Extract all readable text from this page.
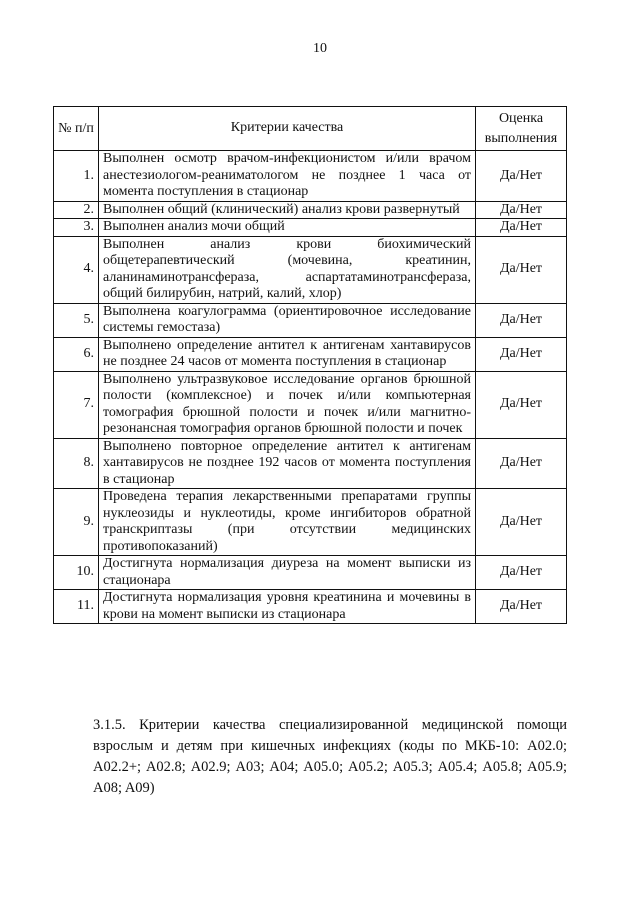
10
№ п/п	Критерии качества	Оценка выполнения
1.	Выполнен осмотр врачом-инфекционистом и/или врачом анестезиологом-реаниматологом не позднее 1 часа от момента поступления в стационар	Да/Нет
2.	Выполнен общий (клинический) анализ крови развернутый	Да/Нет
3.	Выполнен анализ мочи общий	Да/Нет
4.	Выполнен анализ крови биохимический общетерапевтический (мочевина, креатинин, аланинаминотрансфераза, аспартатаминотрансфераза, общий билирубин, натрий, калий, хлор)	Да/Нет
5.	Выполнена коагулограмма (ориентировочное исследование системы гемостаза)	Да/Нет
6.	Выполнено определение антител к антигенам хантавирусов не позднее 24 часов от момента поступления в стационар	Да/Нет
7.	Выполнено ультразвуковое исследование органов брюшной полости (комплексное) и почек и/или компьютерная томография брюшной полости и почек и/или магнитно-резонансная томография органов брюшной полости и почек	Да/Нет
8.	Выполнено повторное определение антител к антигенам хантавирусов не позднее 192 часов от момента поступления в стационар	Да/Нет
9.	Проведена терапия лекарственными препаратами группы нуклеозиды и нуклеотиды, кроме ингибиторов обратной транскриптазы (при отсутствии медицинских противопоказаний)	Да/Нет
10.	Достигнута нормализация диуреза на момент выписки из стационара	Да/Нет
11.	Достигнута нормализация уровня креатинина и мочевины в крови на момент выписки из стационара	Да/Нет
3.1.5. Критерии качества специализированной медицинской помощи взрослым и детям при кишечных инфекциях (коды по МКБ-10: A02.0; A02.2+; A02.8; A02.9; A03; A04; A05.0; A05.2; A05.3; A05.4; A05.8; A05.9; A08; A09)
